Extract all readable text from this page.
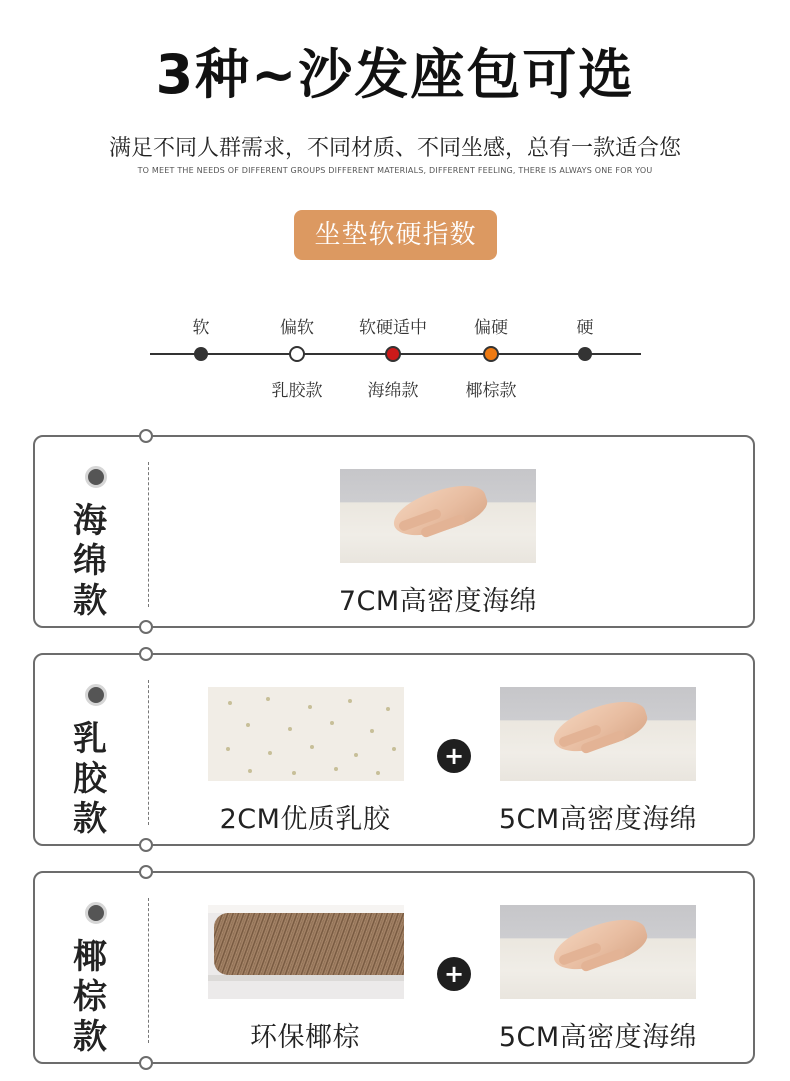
3种~沙发座包可选
满足不同人群需求，不同材质、不同坐感，总有一款适合您
TO MEET THE NEEDS OF DIFFERENT GROUPS DIFFERENT MATERIALS, DIFFERENT FEELING, THERE IS ALWAYS ONE FOR YOU
坐垫软硬指数
软	偏软	软硬适中	偏硬	硬
乳胶款	海绵款	椰棕款
海绵款	7CM高密度海绵
乳胶款
+
2CM优质乳胶	5CM高密度海绵
椰棕款
+
环保椰棕	5CM高密度海绵
